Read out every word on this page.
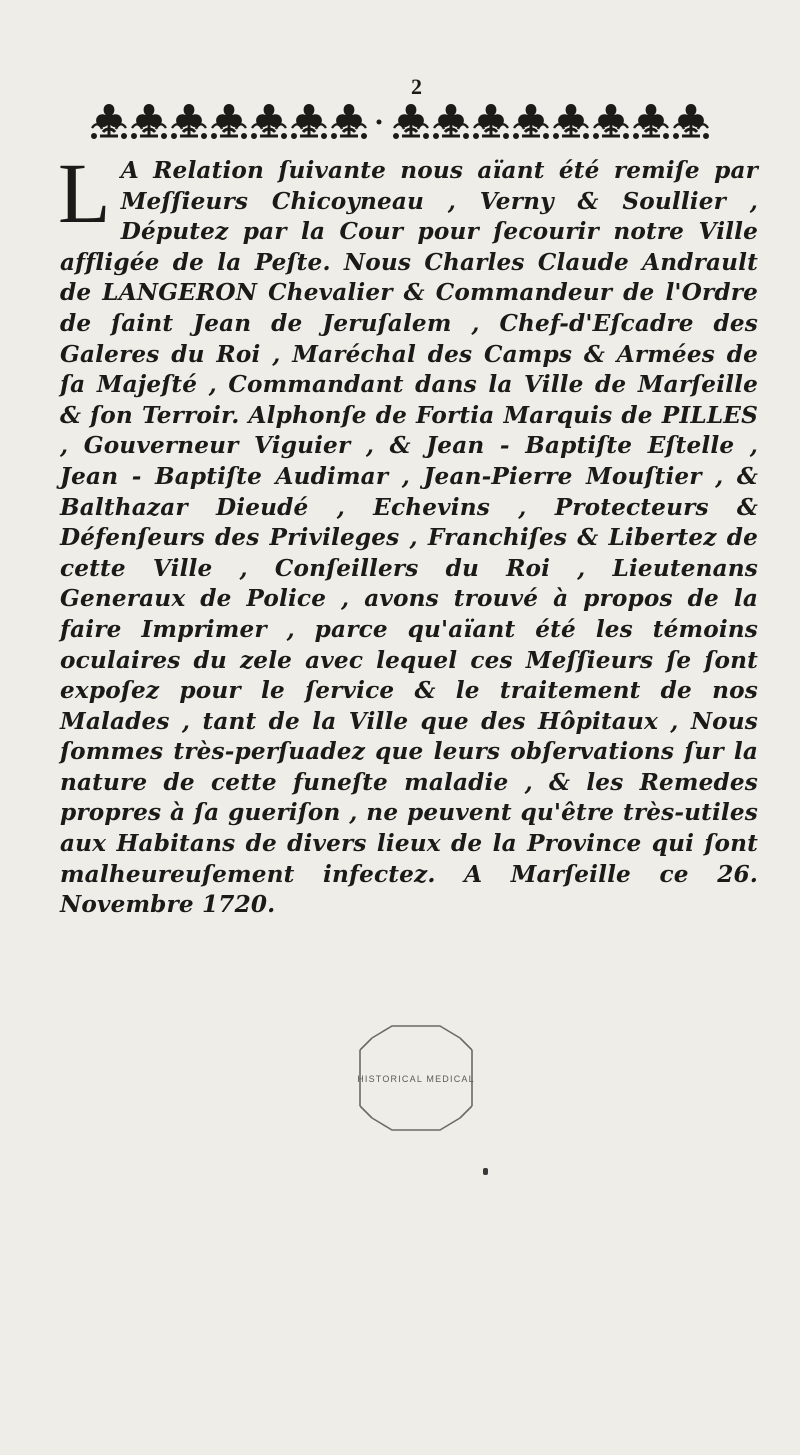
2
L A Relation ſuivante nous aïant été remiſe par Meſſieurs Chicoyneau , Verny & Soullier , Députez par la Cour pour ſecourir notre Ville affligée de la Peſte. Nous Charles Claude Andrault de LANGERON Chevalier & Commandeur de l'Ordre de ſaint Jean de Jeruſalem , Chef-d'Eſcadre des Galeres du Roi , Maréchal des Camps & Armées de ſa Majeſté , Commandant dans la Ville de Marſeille & ſon Terroir. Alphonſe de Fortia Marquis de PILLES , Gouverneur Viguier , & Jean - Baptiſte Eſtelle , Jean - Baptiſte Audimar , Jean-Pierre Mouſtier , & Balthazar Dieudé , Echevins , Protecteurs & Défenſeurs des Privileges , Franchiſes & Libertez de cette Ville , Conſeillers du Roi , Lieutenans Generaux de Police , avons trouvé à propos de la faire Imprimer , parce qu'aïant été les témoins oculaires du zele avec lequel ces Meſſieurs ſe ſont expoſez pour le ſervice & le traitement de nos Malades , tant de la Ville que des Hôpitaux , Nous ſommes très-perſuadez que leurs obſervations ſur la nature de cette funeſte maladie , & les Remedes propres à ſa gueriſon , ne peuvent qu'être très-utiles aux Habitans de divers lieux de la Province qui ſont malheureuſement infectez. A Marſeille ce 26. Novembre 1720.
HISTORICAL MEDICAL
